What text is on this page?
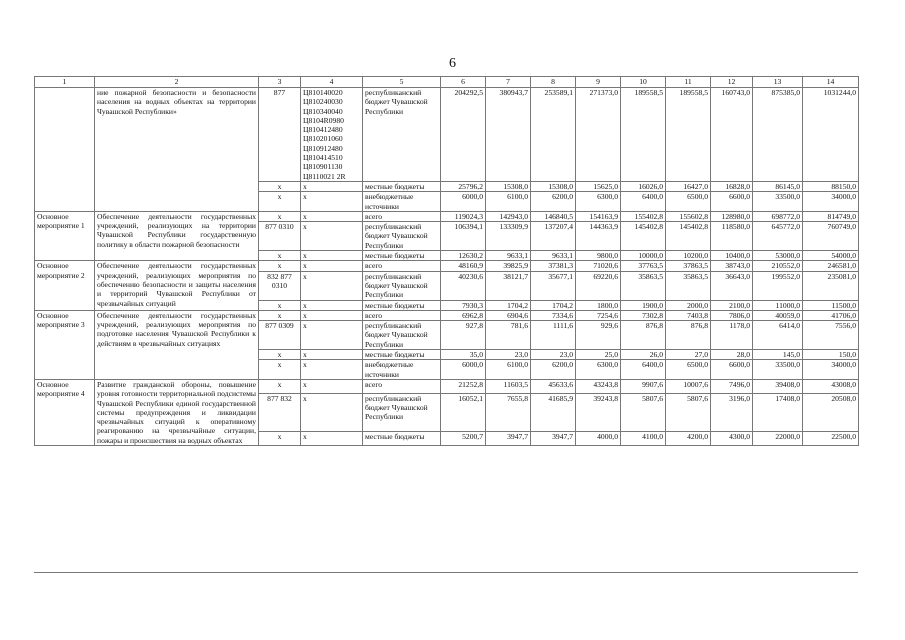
6
1	2	3	4	5	6	7	8	9	10	11	12	13	14
	ние пожарной безопасности и безопасности населения на водных объектах на территории Чувашской Республики»	877	Ц810140020 Ц810240030 Ц810340040 Ц8104R0980 Ц810412480 Ц810201060 Ц810912480 Ц810414510 Ц810901130 Ц8110021 2R	республиканский бюджет Чувашской Республики	204292,5	380943,7	253589,1	271373,0	189558,5	189558,5	160743,0	875385,0	1031244,0
		x	x	местные бюджеты	25796,2	15308,0	15308,0	15625,0	16026,0	16427,0	16828,0	86145,0	88150,0
		x	x	внебюджетные источники	6000,0	6100,0	6200,0	6300,0	6400,0	6500,0	6600,0	33500,0	34000,0
Основное мероприятие 1	Обеспечение деятельности государственных учреждений, реализующих на территории Чувашской Республики государственную политику в области пожарной безопасности	x	x	всего	119024,3	142943,0	146840,5	154163,9	155402,8	155602,8	128980,0	698772,0	814749,0
		877 0310	x	республиканский бюджет Чувашской Республики	106394,1	133309,9	137207,4	144363,9	145402,8	145402,8	118580,0	645772,0	760749,0
		x	x	местные бюджеты	12630,2	9633,1	9633,1	9800,0	10000,0	10200,0	10400,0	53000,0	54000,0
Основное мероприятие 2	Обеспечение деятельности государственных учреждений, реализующих мероприятия по обеспечению безопасности и защиты населения и территорий Чувашской Республики от чрезвычайных ситуаций	x	x	всего	48160,9	39825,9	37381,3	71020,6	37763,5	37863,5	38743,0	210552,0	246581,0
		832 877 0310	x	республиканский бюджет Чувашской Республики	40230,6	38121,7	35677,1	69220,6	35863,5	35863,5	36643,0	199552,0	235081,0
		x	x	местные бюджеты	7930,3	1704,2	1704,2	1800,0	1900,0	2000,0	2100,0	11000,0	11500,0
Основное мероприятие 3	Обеспечение деятельности государственных учреждений, реализующих мероприятия по подготовке населения Чувашской Республики к действиям в чрезвычайных ситуациях	x	x	всего	6962,8	6904,6	7334,6	7254,6	7302,8	7403,8	7806,0	40059,0	41706,0
		877 0309	x	республиканский бюджет Чувашской Республики	927,8	781,6	1111,6	929,6	876,8	876,8	1178,0	6414,0	7556,0
		x	x	местные бюджеты	35,0	23,0	23,0	25,0	26,0	27,0	28,0	145,0	150,0
		x	x	внебюджетные источники	6000,0	6100,0	6200,0	6300,0	6400,0	6500,0	6600,0	33500,0	34000,0
Основное мероприятие 4	Развитие гражданской обороны, повышение уровня готовности территориальной подсистемы Чувашской Республики единой государственной системы предупреждения и ликвидации чрезвычайных ситуаций к оперативному реагированию на чрезвычайные ситуации, пожары и происшествия на водных объектах	x	x	всего	21252,8	11603,5	45633,6	43243,8	9907,6	10007,6	7496,0	39408,0	43008,0
		877 832	x	республиканский бюджет Чувашской Республики	16052,1	7655,8	41685,9	39243,8	5807,6	5807,6	3196,0	17408,0	20508,0
		x	x	местные бюджеты	5200,7	3947,7	3947,7	4000,0	4100,0	4200,0	4300,0	22000,0	22500,0
